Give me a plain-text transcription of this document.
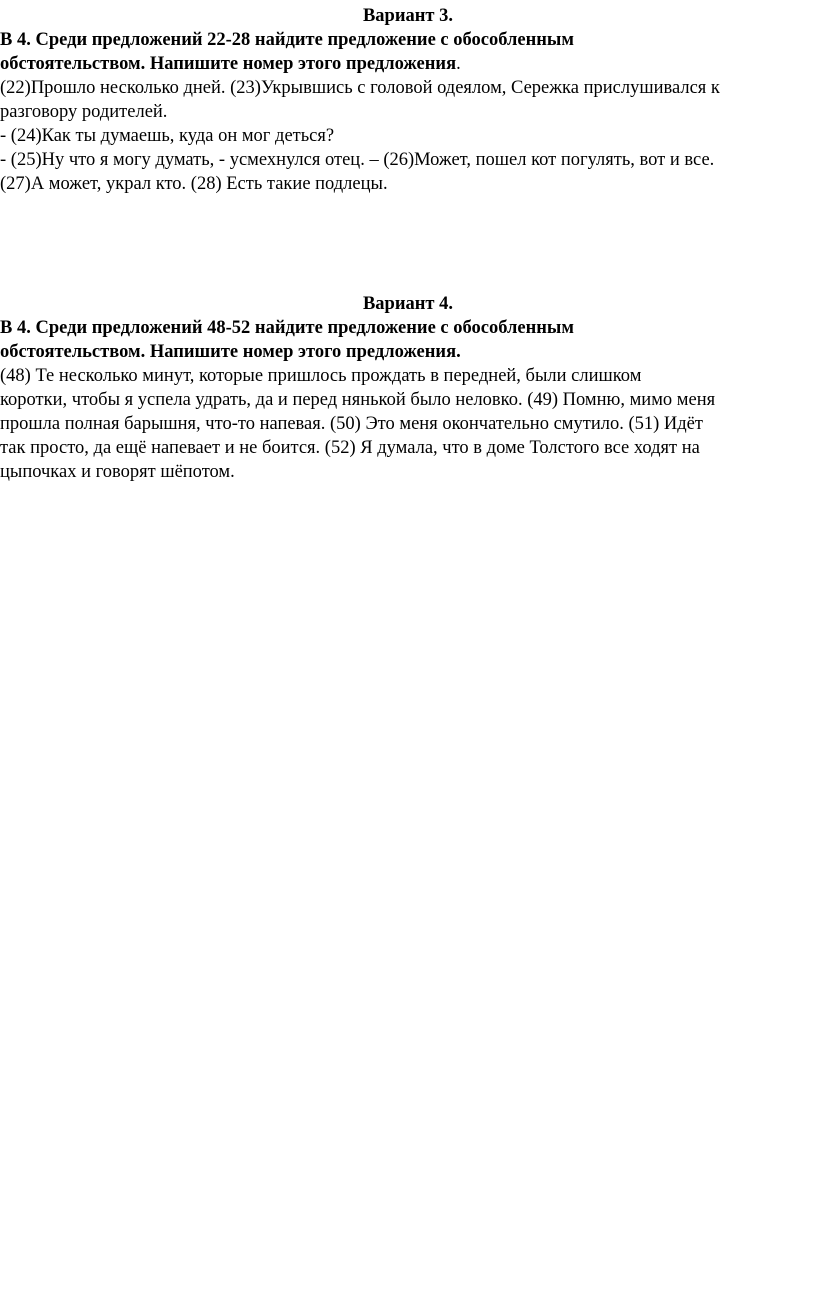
Вариант 3.

В 4. Среди предложений 22-28 найдите предложение с обособленным
обстоятельством. Напишите номер этого предложения.

(22)Прошло несколько дней. (23)Укрывшись с головой одеялом, Сережка прислушивался к

разговору родителей.

- (24)Как ты думаешь, куда он мог деться?

- (25)Ну что я могу думать, - усмехнулся отец. – (26)Может, пошел кот погулять, вот и все.

(27)А может, украл кто. (28) Есть такие подлецы.

Вариант 4.

В 4. Среди предложений 48-52 найдите предложение с обособленным
обстоятельством. Напишите номер этого предложения.

(48) Те несколько минут, которые пришлось прождать в передней, были слишком

коротки, чтобы я успела удрать, да и перед нянькой было неловко. (49) Помню, мимо меня

прошла полная барышня, что-то напевая. (50) Это меня окончательно смутило. (51) Идёт

так просто, да ещё напевает и не боится. (52) Я думала, что в доме Толстого все ходят на

цыпочках и говорят шёпотом.
